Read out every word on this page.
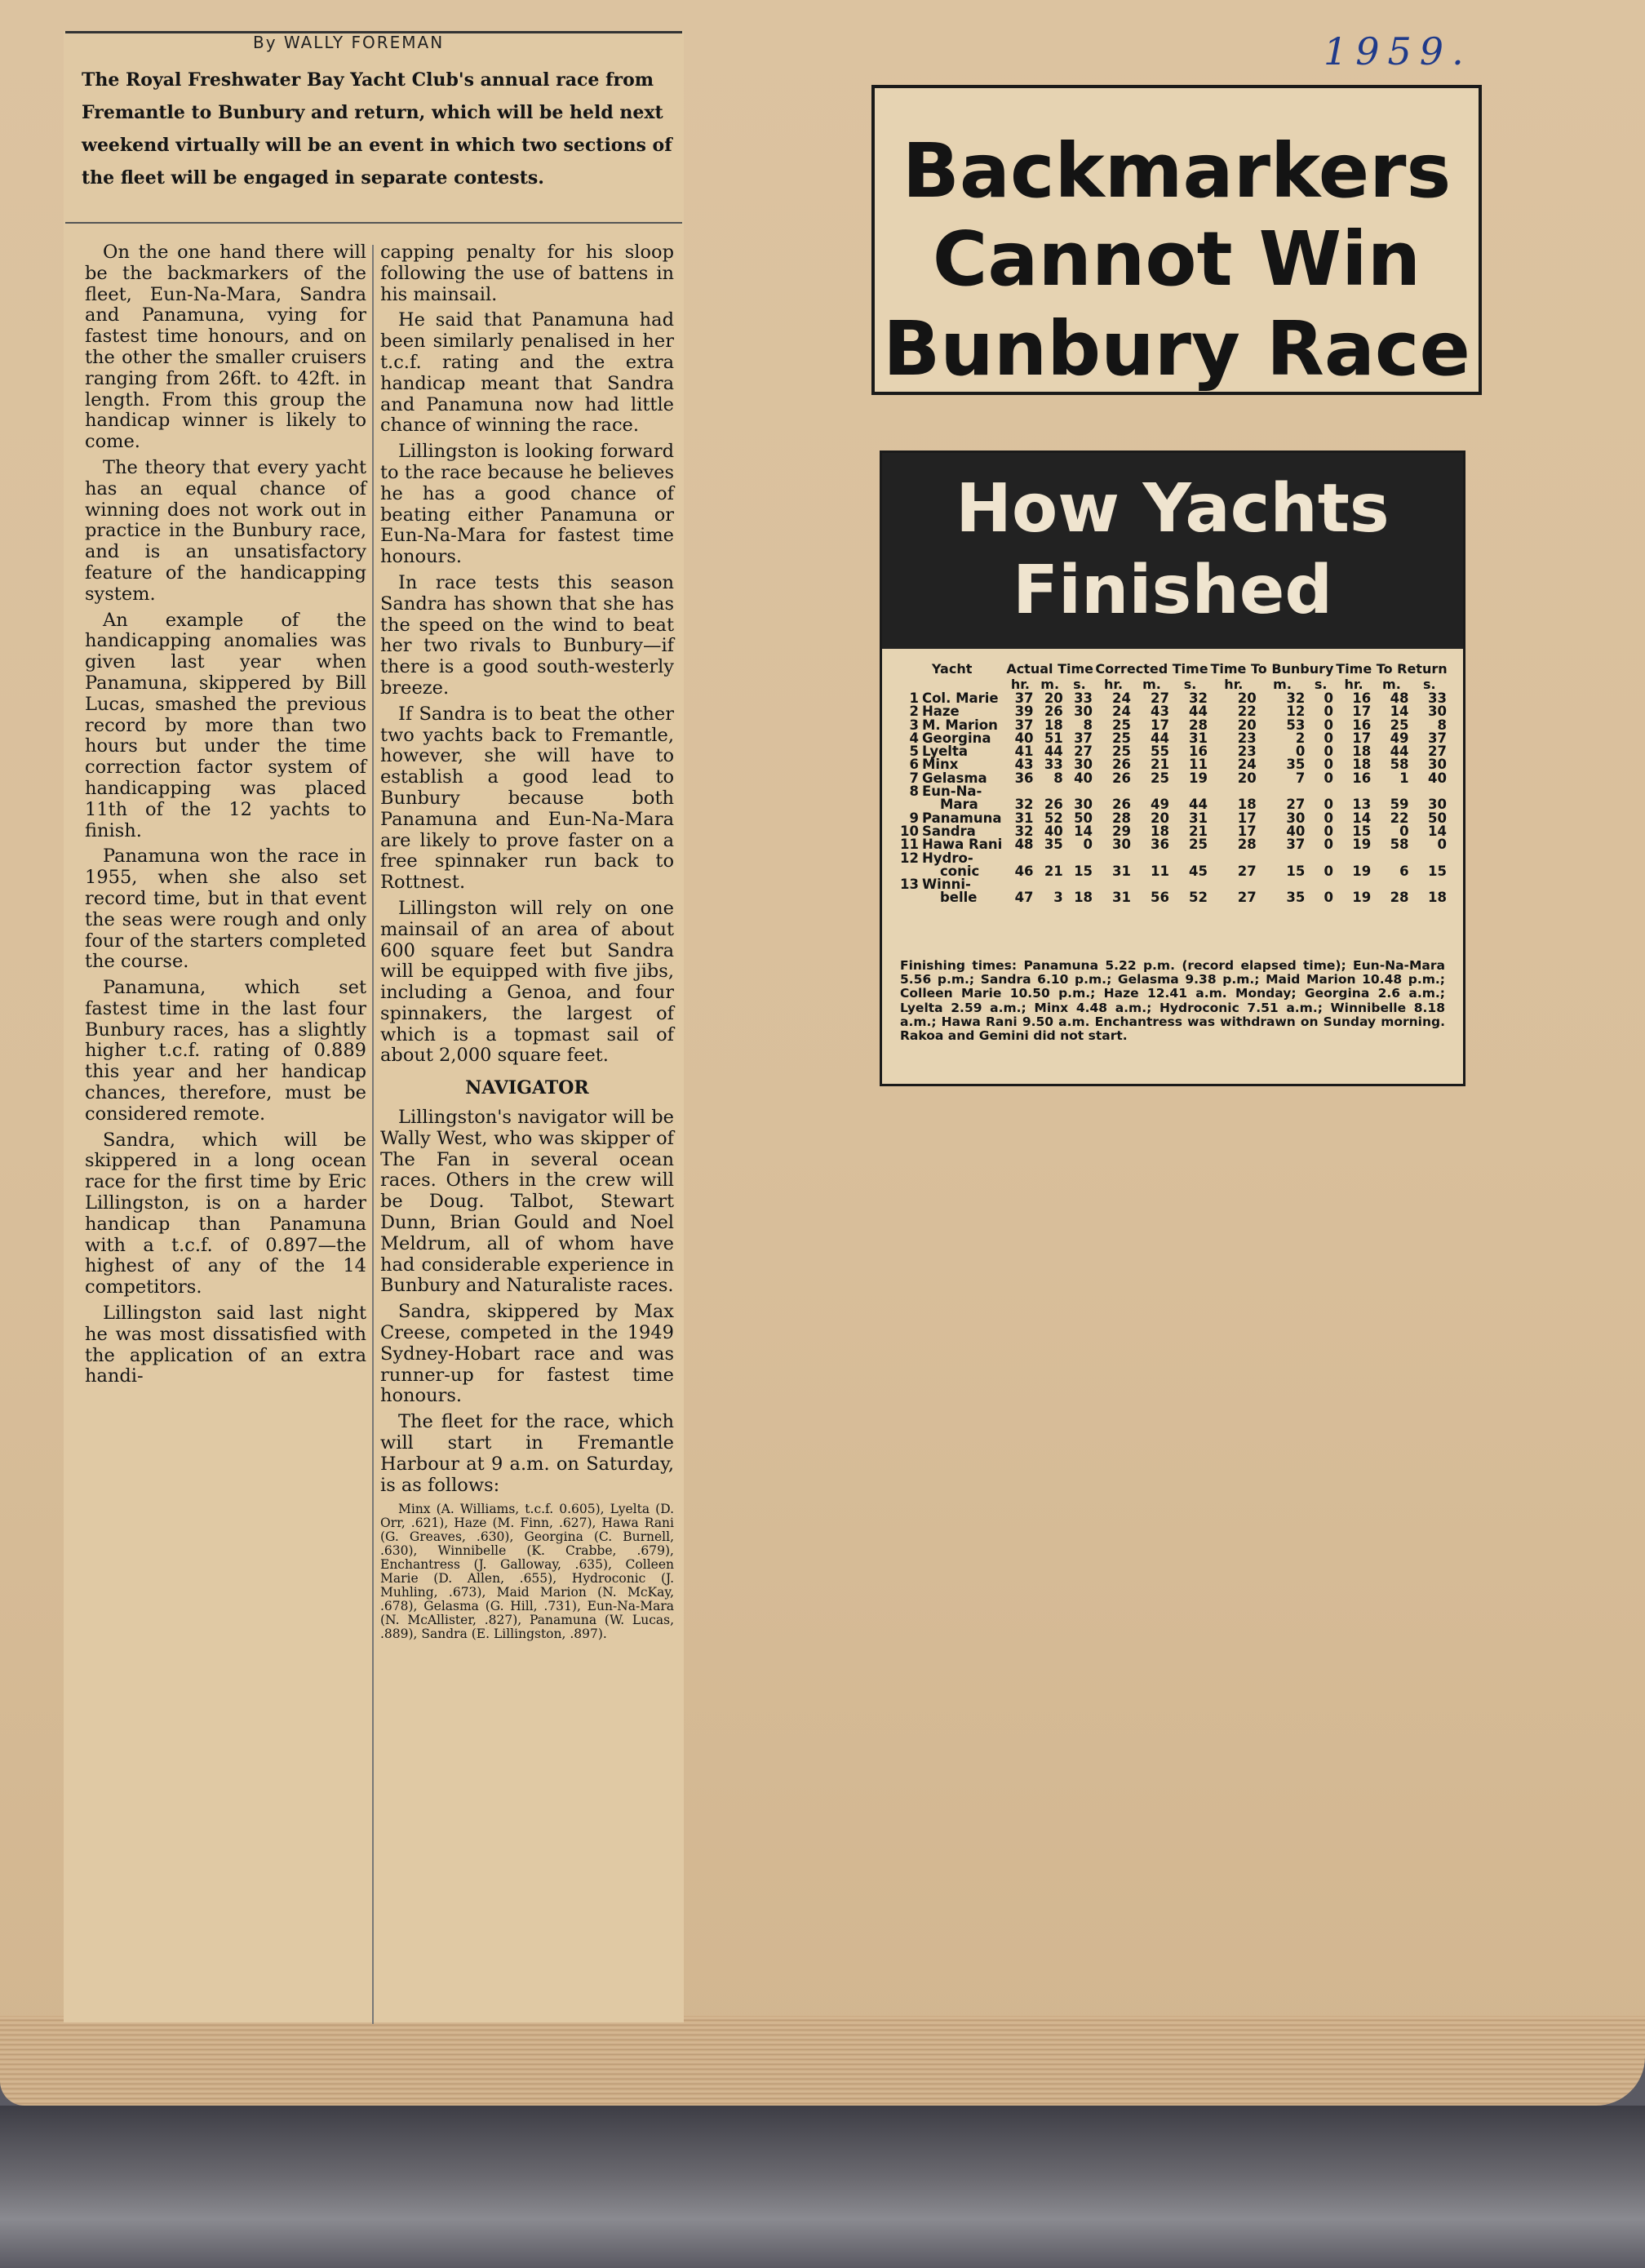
1959.
By WALLY FOREMAN
The Royal Freshwater Bay Yacht Club's annual race from Fremantle to Bunbury and return, which will be held next weekend virtually will be an event in which two sections of the fleet will be engaged in separate contests.

On the one hand there will be the backmarkers of the fleet, Eun-Na-Mara, Sandra and Panamuna, vying for fastest time honours, and on the other the smaller cruisers ranging from 26ft. to 42ft. in length. From this group the handicap winner is likely to come.

The theory that every yacht has an equal chance of winning does not work out in practice in the Bunbury race, and is an unsatisfactory feature of the handicapping system.

An example of the handicapping anomalies was given last year when Panamuna, skippered by Bill Lucas, smashed the previous record by more than two hours but under the time correction factor system of handicapping was placed 11th of the 12 yachts to finish.

Panamuna won the race in 1955, when she also set record time, but in that event the seas were rough and only four of the starters completed the course.

Panamuna, which set fastest time in the last four Bunbury races, has a slightly higher t.c.f. rating of 0.889 this year and her handicap chances, therefore, must be considered remote.

Sandra, which will be skippered in a long ocean race for the first time by Eric Lillingston, is on a harder handicap than Panamuna with a t.c.f. of 0.897—the highest of any of the 14 competitors.

Lillingston said last night he was most dissatisfied with the application of an extra handi-

capping penalty for his sloop following the use of battens in his mainsail.

He said that Panamuna had been similarly penalised in her t.c.f. rating and the extra handicap meant that Sandra and Panamuna now had little chance of winning the race.

Lillingston is looking forward to the race because he believes he has a good chance of beating either Panamuna or Eun-Na-Mara for fastest time honours.

In race tests this season Sandra has shown that she has the speed on the wind to beat her two rivals to Bunbury—if there is a good south-westerly breeze.

If Sandra is to beat the other two yachts back to Fremantle, however, she will have to establish a good lead to Bunbury because both Panamuna and Eun-Na-Mara are likely to prove faster on a free spinnaker run back to Rottnest.

Lillingston will rely on one mainsail of an area of about 600 square feet but Sandra will be equipped with five jibs, including a Genoa, and four spinnakers, the largest of which is a topmast sail of about 2,000 square feet.

NAVIGATOR

Lillingston's navigator will be Wally West, who was skipper of The Fan in several ocean races. Others in the crew will be Doug. Talbot, Stewart Dunn, Brian Gould and Noel Meldrum, all of whom have had considerable experience in Bunbury and Naturaliste races.

Sandra, skippered by Max Creese, competed in the 1949 Sydney-Hobart race and was runner-up for fastest time honours.

The fleet for the race, which will start in Fremantle Harbour at 9 a.m. on Saturday, is as follows:

Minx (A. Williams, t.c.f. 0.605), Lyelta (D. Orr, .621), Haze (M. Finn, .627), Hawa Rani (G. Greaves, .630), Georgina (C. Burnell, .630), Winnibelle (K. Crabbe, .679), Enchantress (J. Galloway, .635), Colleen Marie (D. Allen, .655), Hydroconic (J. Muhling, .673), Maid Marion (N. McKay, .678), Gelasma (G. Hill, .731), Eun-Na-Mara (N. McAllister, .827), Panamuna (W. Lucas, .889), Sandra (E. Lillingston, .897).

Backmarkers
Cannot Win
Bunbury Race
How Yachts
Finished
Yacht		Actual Time			Corrected Time			Time To Bunbury			Time To Return		
		hr.	m.	s.	hr.	m.	s.	hr.	m.	s.	hr.	m.	s.
1	Col. Marie	37	20	33	24	27	32	20	32	0	16	48	33
2	Haze	39	26	30	24	43	44	22	12	0	17	14	30
3	M. Marion	37	18	8	25	17	28	20	53	0	16	25	8
4	Georgina	40	51	37	25	44	31	23	2	0	17	49	37
5	Lyelta	41	44	27	25	55	16	23	0	0	18	44	27
6	Minx	43	33	30	26	21	11	24	35	0	18	58	30
7	Gelasma	36	8	40	26	25	19	20	7	0	16	1	40
8	Eun-Na-												
	Mara	32	26	30	26	49	44	18	27	0	13	59	30
9	Panamuna	31	52	50	28	20	31	17	30	0	14	22	50
10	Sandra	32	40	14	29	18	21	17	40	0	15	0	14
11	Hawa Rani	48	35	0	30	36	25	28	37	0	19	58	0
12	Hydro-												
	conic	46	21	15	31	11	45	27	15	0	19	6	15
13	Winni-												
	belle	47	3	18	31	56	52	27	35	0	19	28	18
Finishing times: Panamuna 5.22 p.m. (record elapsed time); Eun-Na-Mara 5.56 p.m.; Sandra 6.10 p.m.; Gelasma 9.38 p.m.; Maid Marion 10.48 p.m.; Colleen Marie 10.50 p.m.; Haze 12.41 a.m. Monday; Georgina 2.6 a.m.; Lyelta 2.59 a.m.; Minx 4.48 a.m.; Hydroconic 7.51 a.m.; Winnibelle 8.18 a.m.; Hawa Rani 9.50 a.m. Enchantress was withdrawn on Sunday morning. Rakoa and Gemini did not start.
